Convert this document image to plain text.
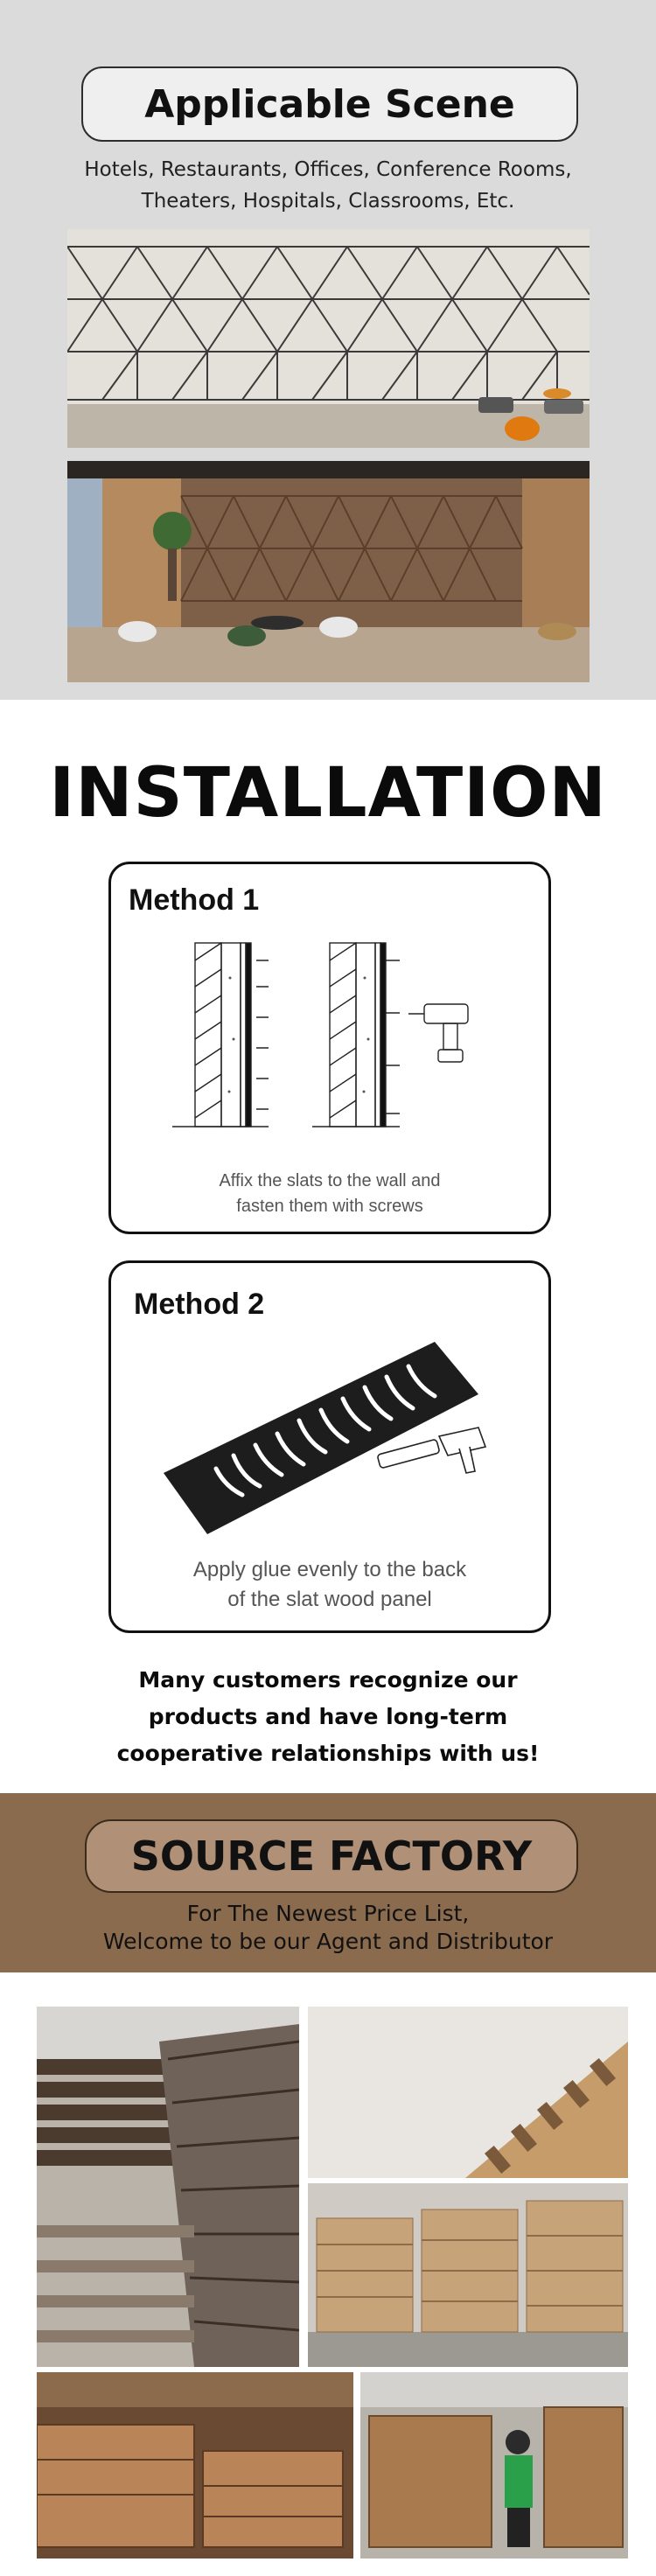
Applicable Scene
Hotels, Restaurants, Offices, Conference Rooms,
Theaters, Hospitals, Classrooms, Etc.
INSTALLATION
Method 1
Affix the slats to the wall and
fasten them with screws
Method 2
Apply glue evenly to the back
of the slat wood panel
Many customers recognize our
products and have long-term
cooperative relationships with us!
SOURCE FACTORY
For The Newest Price List,
Welcome to be our Agent and Distributor
